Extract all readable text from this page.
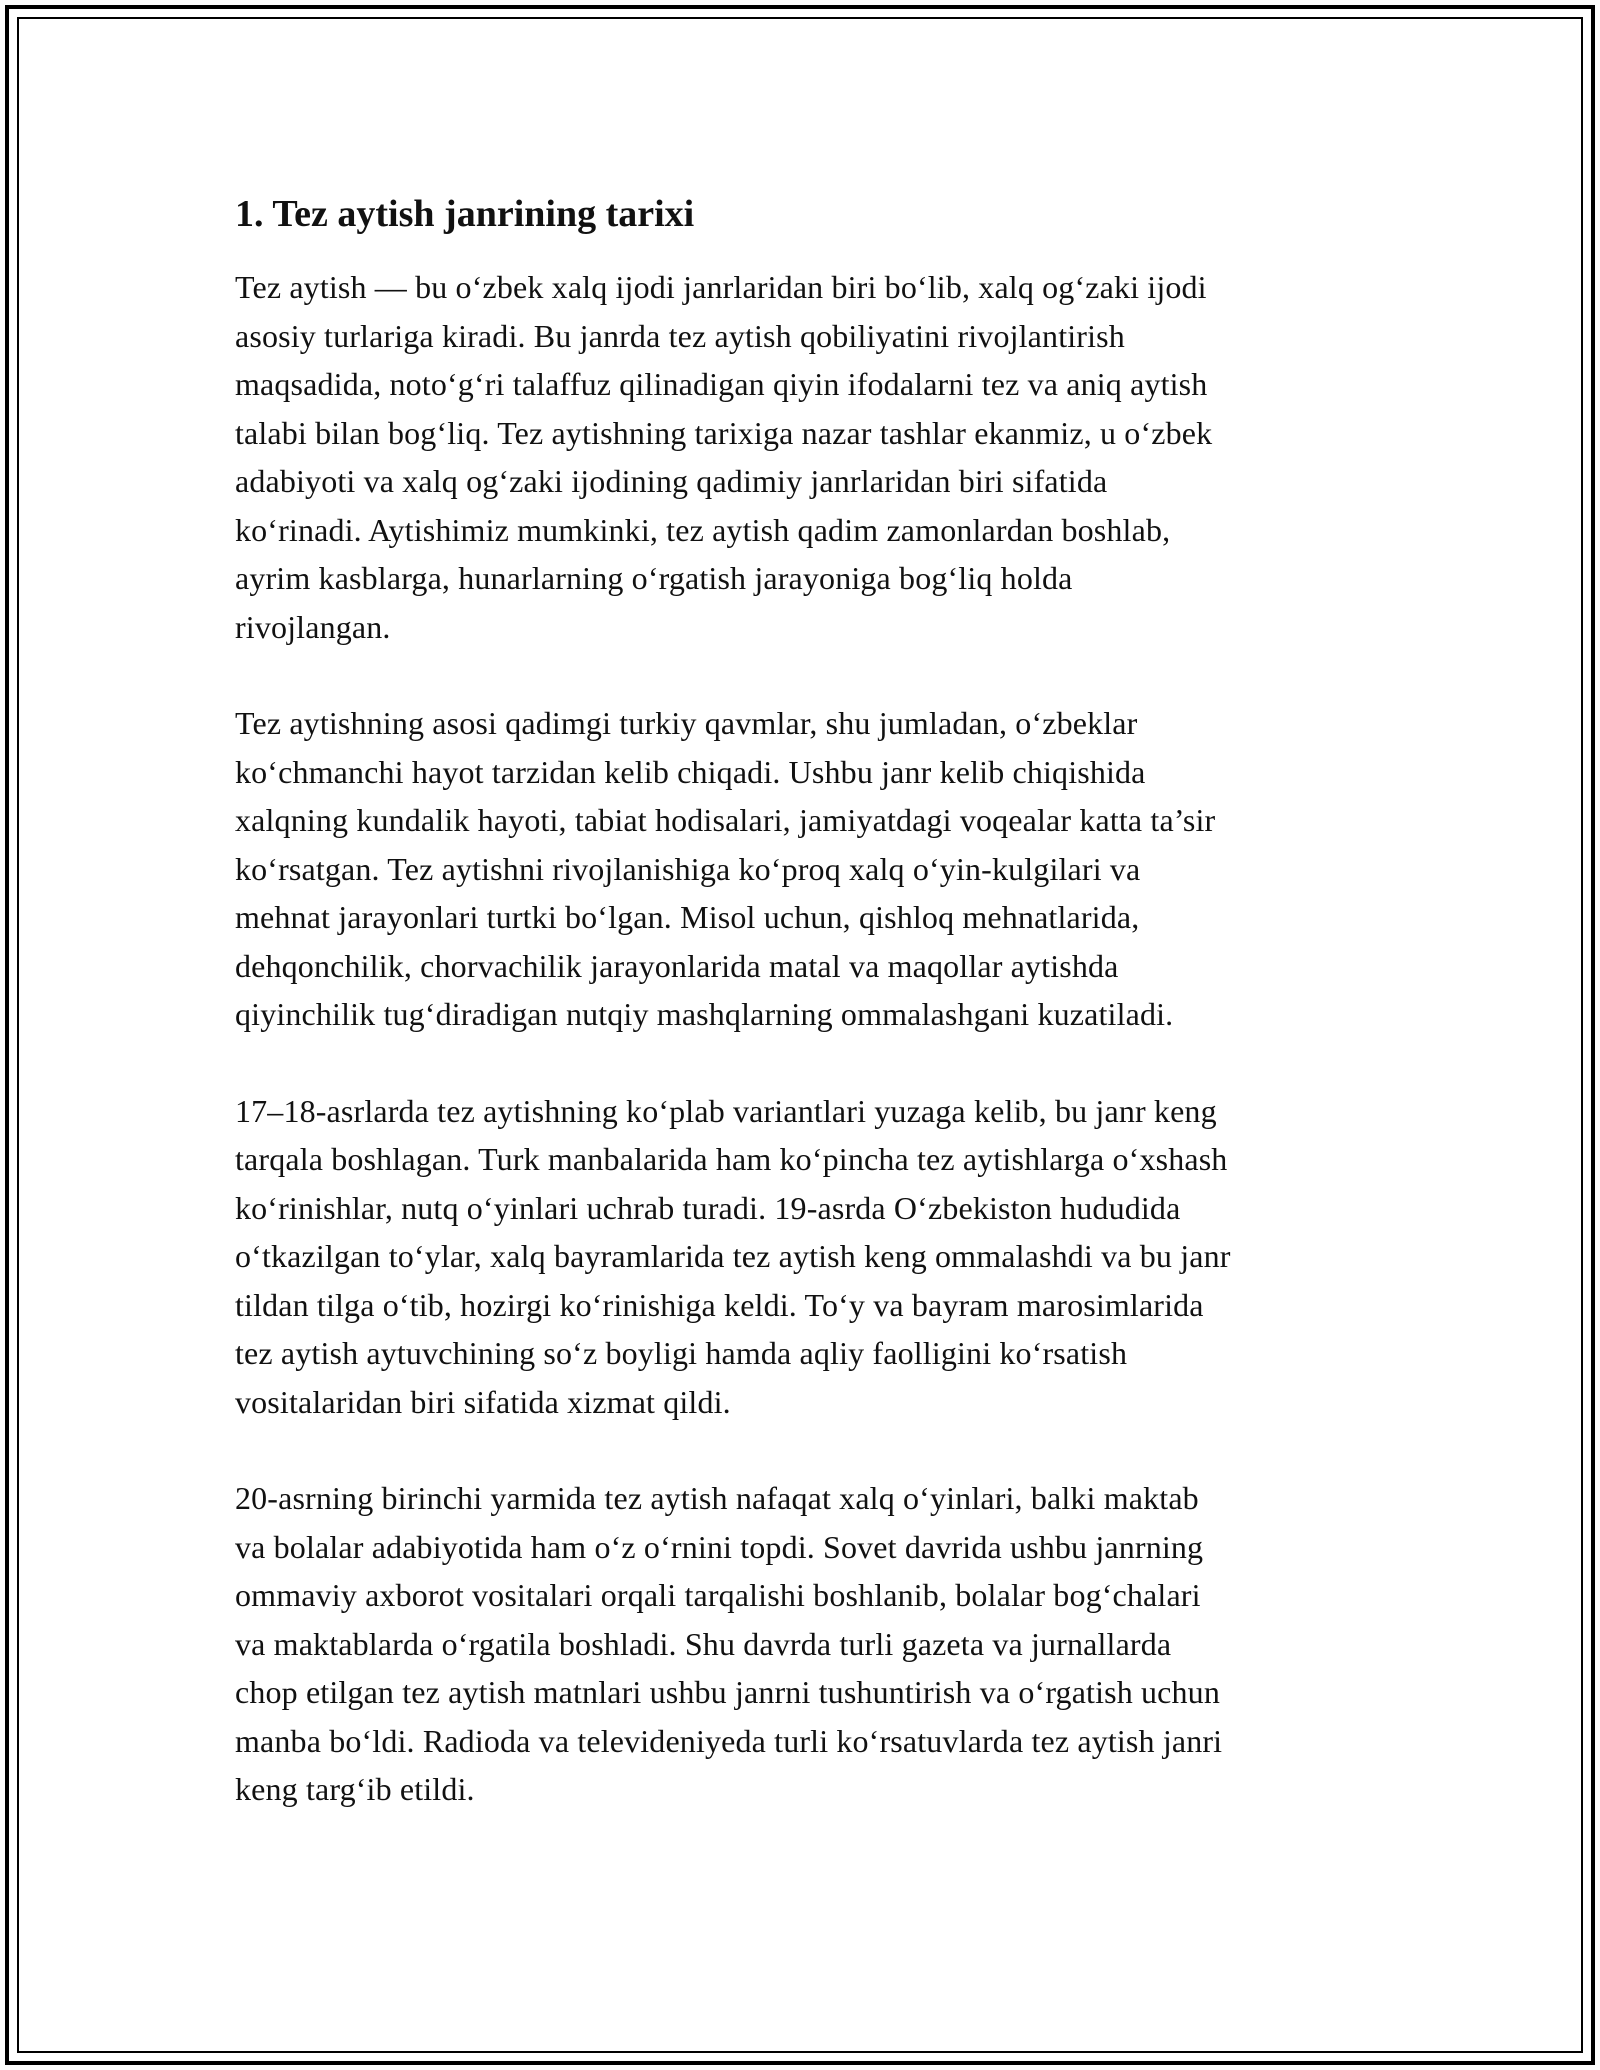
1. Tez aytish janrining tarixi

Tez aytish — bu o‘zbek xalq ijodi janrlaridan biri bo‘lib, xalq og‘zaki ijodi
asosiy turlariga kiradi. Bu janrda tez aytish qobiliyatini rivojlantirish
maqsadida, noto‘g‘ri talaffuz qilinadigan qiyin ifodalarni tez va aniq aytish
talabi bilan bog‘liq. Tez aytishning tarixiga nazar tashlar ekanmiz, u o‘zbek
adabiyoti va xalq og‘zaki ijodining qadimiy janrlaridan biri sifatida
ko‘rinadi. Aytishimiz mumkinki, tez aytish qadim zamonlardan boshlab,
ayrim kasblarga, hunarlarning o‘rgatish jarayoniga bog‘liq holda
rivojlangan.

Tez aytishning asosi qadimgi turkiy qavmlar, shu jumladan, o‘zbeklar
ko‘chmanchi hayot tarzidan kelib chiqadi. Ushbu janr kelib chiqishida
xalqning kundalik hayoti, tabiat hodisalari, jamiyatdagi voqealar katta ta’sir
ko‘rsatgan. Tez aytishni rivojlanishiga ko‘proq xalq o‘yin-kulgilari va
mehnat jarayonlari turtki bo‘lgan. Misol uchun, qishloq mehnatlarida,
dehqonchilik, chorvachilik jarayonlarida matal va maqollar aytishda
qiyinchilik tug‘diradigan nutqiy mashqlarning ommalashgani kuzatiladi.

17–18-asrlarda tez aytishning ko‘plab variantlari yuzaga kelib, bu janr keng
tarqala boshlagan. Turk manbalarida ham ko‘pincha tez aytishlarga o‘xshash
ko‘rinishlar, nutq o‘yinlari uchrab turadi. 19-asrda O‘zbekiston hududida
o‘tkazilgan to‘ylar, xalq bayramlarida tez aytish keng ommalashdi va bu janr
tildan tilga o‘tib, hozirgi ko‘rinishiga keldi. To‘y va bayram marosimlarida
tez aytish aytuvchining so‘z boyligi hamda aqliy faolligini ko‘rsatish
vositalaridan biri sifatida xizmat qildi.

20-asrning birinchi yarmida tez aytish nafaqat xalq o‘yinlari, balki maktab
va bolalar adabiyotida ham o‘z o‘rnini topdi. Sovet davrida ushbu janrning
ommaviy axborot vositalari orqali tarqalishi boshlanib, bolalar bog‘chalari
va maktablarda o‘rgatila boshladi. Shu davrda turli gazeta va jurnallarda
chop etilgan tez aytish matnlari ushbu janrni tushuntirish va o‘rgatish uchun
manba bo‘ldi. Radioda va televideniyeda turli ko‘rsatuvlarda tez aytish janri
keng targ‘ib etildi.
